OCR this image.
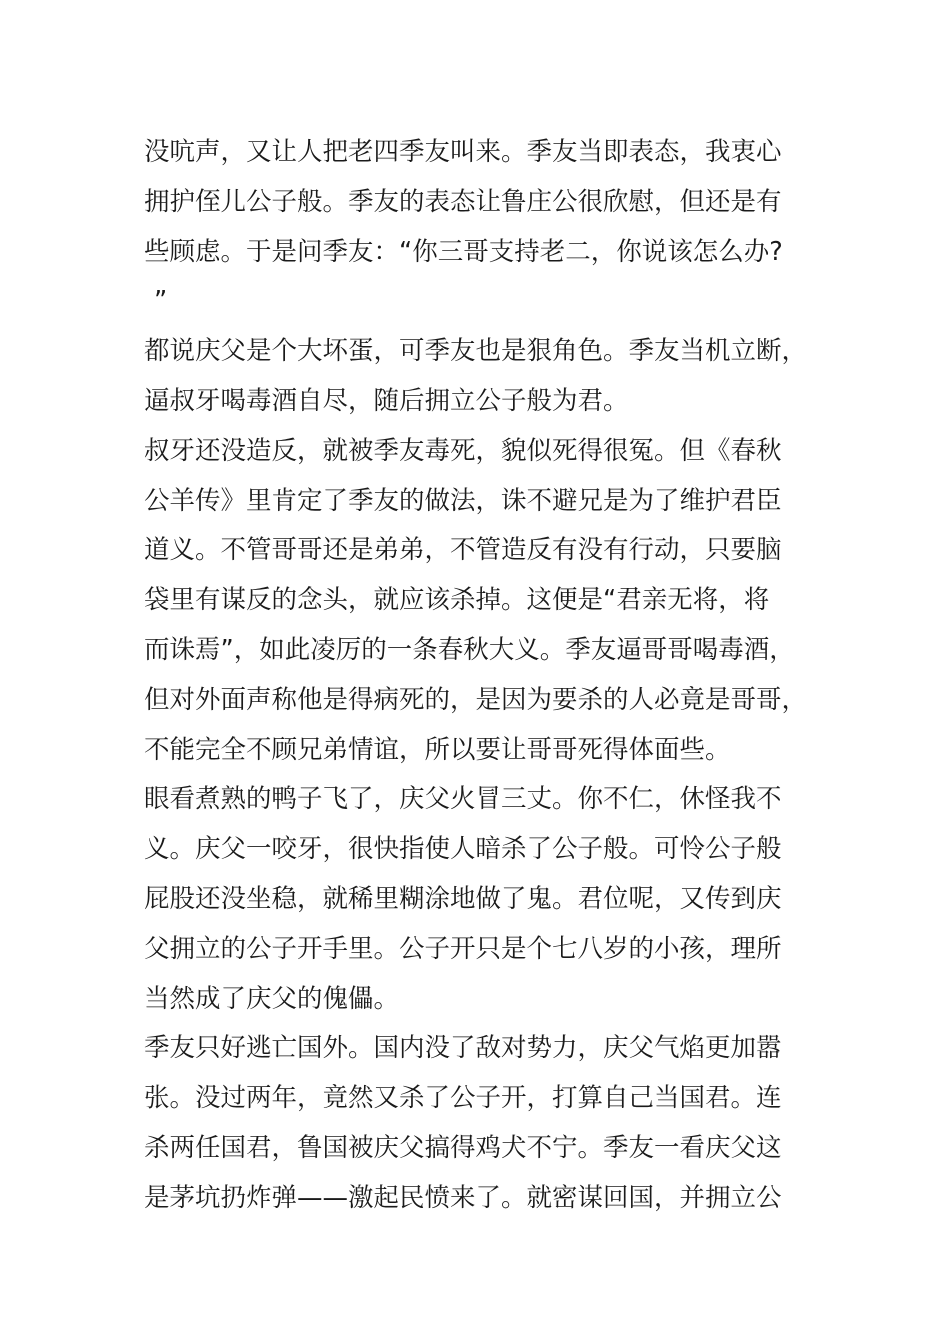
没吭声，又让人把老四季友叫来。季友当即表态，我衷心
拥护侄儿公子般。季友的表态让鲁庄公很欣慰，但还是有
些顾虑。于是问季友：“你三哥支持老二，你说该怎么办?
”
都说庆父是个大坏蛋，可季友也是狠角色。季友当机立断，
逼叔牙喝毒酒自尽，随后拥立公子般为君。
叔牙还没造反，就被季友毒死，貌似死得很冤。但《春秋
公羊传》里肯定了季友的做法，诛不避兄是为了维护君臣
道义。不管哥哥还是弟弟，不管造反有没有行动，只要脑
袋里有谋反的念头，就应该杀掉。这便是“君亲无将，将
而诛焉”，如此凌厉的一条春秋大义。季友逼哥哥喝毒酒，
但对外面声称他是得病死的，是因为要杀的人必竟是哥哥，
不能完全不顾兄弟情谊，所以要让哥哥死得体面些。
眼看煮熟的鸭子飞了，庆父火冒三丈。你不仁，休怪我不
义。庆父一咬牙，很快指使人暗杀了公子般。可怜公子般
屁股还没坐稳，就稀里糊涂地做了鬼。君位呢，又传到庆
父拥立的公子开手里。公子开只是个七八岁的小孩，理所
当然成了庆父的傀儡。
季友只好逃亡国外。国内没了敌对势力，庆父气焰更加嚣
张。没过两年，竟然又杀了公子开，打算自己当国君。连
杀两任国君，鲁国被庆父搞得鸡犬不宁。季友一看庆父这
是茅坑扔炸弹——激起民愤来了。就密谋回国，并拥立公
